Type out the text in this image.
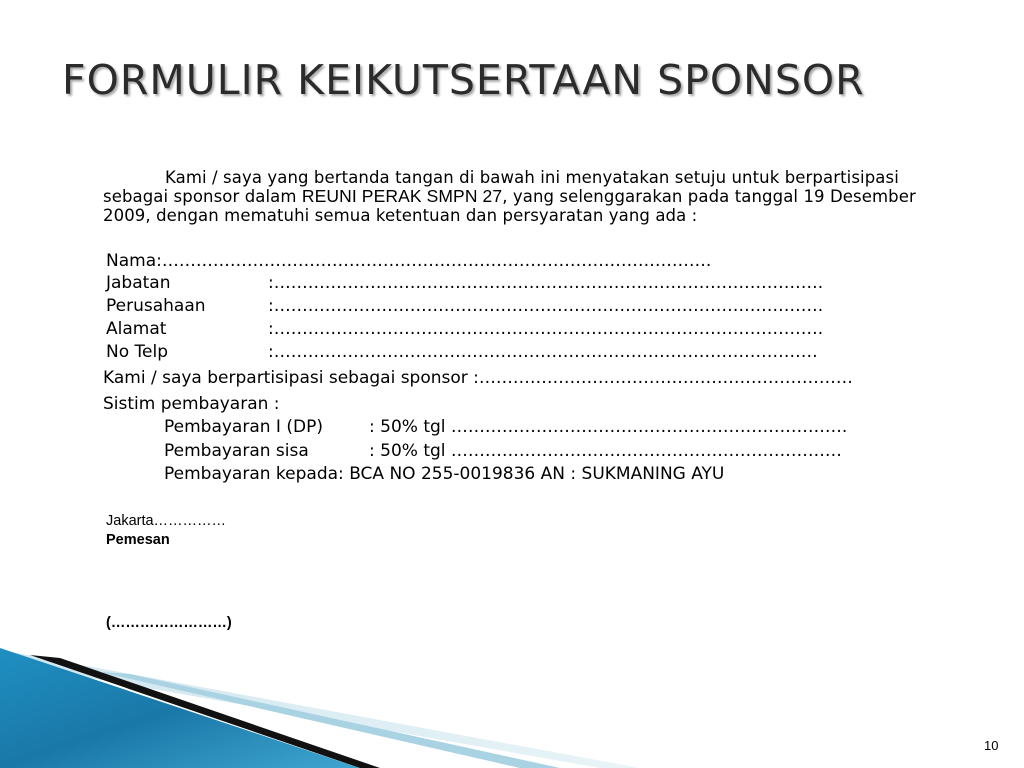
FORMULIR KEIKUTSERTAAN SPONSOR
Kami / saya yang bertanda tangan di bawah ini menyatakan setuju untuk berpartisipasi sebagai sponsor dalam REUNI PERAK SMPN 27, yang selenggarakan pada tanggal 19 Desember 2009, dengan mematuhi semua ketentuan dan persyaratan yang ada :
Nama:…………………………………………………………………………………….
Jabatan	:…………………………………………………………………………………….
Perusahaan	:…………………………………………………………………………………….
Alamat	:…………………………………………………………………………………….
No Telp	:……………………………………………………………………………………
Kami / saya berpartisipasi sebagai sponsor :…………………………………………………………
Sistim pembayaran :
Pembayaran I (DP)	: 50% tgl …………………………………………………………….
Pembayaran sisa	: 50% tgl ……………………………………………………………
Pembayaran kepada: BCA NO 255-0019836 AN : SUKMANING AYU
Jakarta……………
Pemesan
(……………………)
10
